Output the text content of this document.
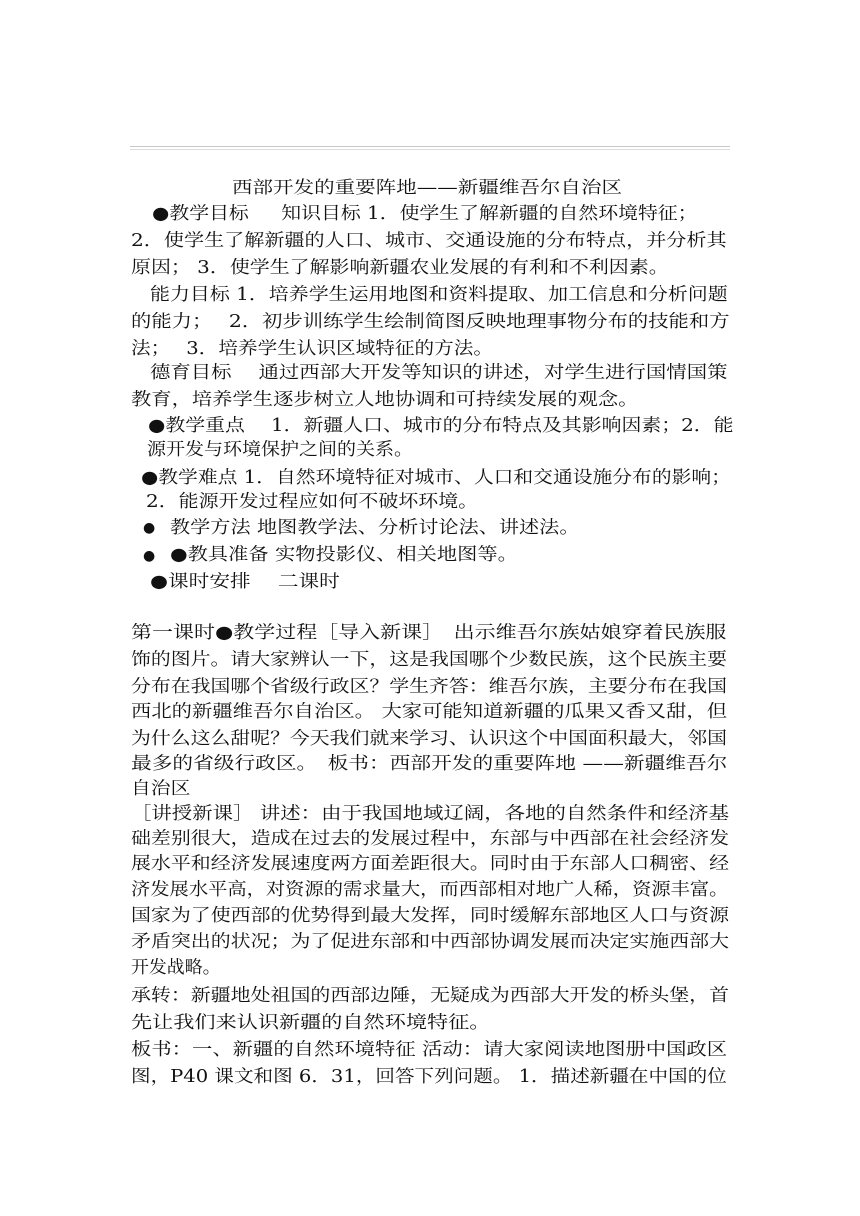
西部开发的重要阵地——新疆维吾尔自治区
●教学目标　  知识目标 1．使学生了解新疆的自然环境特征；
2．使学生了解新疆的人口、城市、交通设施的分布特点，并分析其
原因； 3．使学生了解影响新疆农业发展的有利和不利因素。
能力目标 1．培养学生运用地图和资料提取、加工信息和分析问题
的能力；　 2．初步训练学生绘制简图反映地理事物分布的技能和方
法；　 3．培养学生认识区域特征的方法。
德育目标　 通过西部大开发等知识的讲述，对学生进行国情国策
教育，培养学生逐步树立人地协调和可持续发展的观念。
●教学重点　 1．新疆人口、城市的分布特点及其影响因素；2．能
源开发与环境保护之间的关系。
●教学难点 1．自然环境特征对城市、人口和交通设施分布的影响；
2．能源开发过程应如何不破坏环境。
● 教学方法 地图教学法、分析讨论法、讲述法。
● ●教具准备 实物投影仪、相关地图等。
●课时安排　 二课时
第一课时●教学过程［导入新课］　出示维吾尔族姑娘穿着民族服
饰的图片。请大家辨认一下，这是我国哪个少数民族，这个民族主要
分布在我国哪个省级行政区？学生齐答：维吾尔族，主要分布在我国
西北的新疆维吾尔自治区。 大家可能知道新疆的瓜果又香又甜，但
为什么这么甜呢？今天我们就来学习、认识这个中国面积最大，邻国
最多的省级行政区。　板书：西部开发的重要阵地 ——新疆维吾尔
自治区
［讲授新课］ 讲述：由于我国地域辽阔，各地的自然条件和经济基
础差别很大，造成在过去的发展过程中，东部与中西部在社会经济发
展水平和经济发展速度两方面差距很大。同时由于东部人口稠密、经
济发展水平高，对资源的需求量大，而西部相对地广人稀，资源丰富。
国家为了使西部的优势得到最大发挥，同时缓解东部地区人口与资源
矛盾突出的状况；为了促进东部和中西部协调发展而决定实施西部大
开发战略。
承转：新疆地处祖国的西部边陲，无疑成为西部大开发的桥头堡，首
先让我们来认识新疆的自然环境特征。
板书：一、新疆的自然环境特征 活动：请大家阅读地图册中国政区
图，P40 课文和图 6．31，回答下列问题。 1．描述新疆在中国的位
